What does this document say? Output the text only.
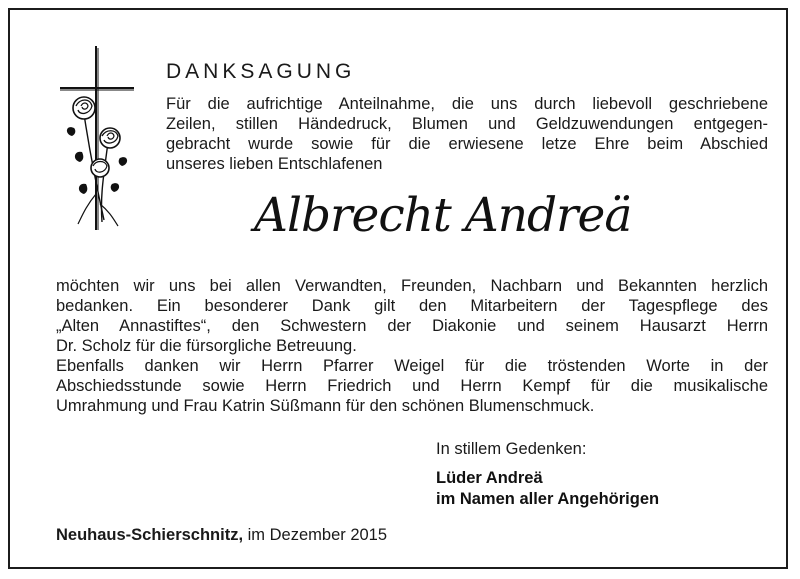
DANKSAGUNG
Für die aufrichtige Anteilnahme, die uns durch liebevoll geschriebene
Zeilen, stillen Händedruck, Blumen und Geldzuwendungen entgegen-
gebracht wurde sowie für die erwiesene letze Ehre beim Abschied
unseres lieben Entschlafenen
Albrecht Andreä
möchten wir uns bei allen Verwandten, Freunden, Nachbarn und Bekannten herzlich
bedanken. Ein besonderer Dank gilt den Mitarbeitern der Tagespflege des
„Alten Annastiftes“, den Schwestern der Diakonie und seinem Hausarzt Herrn
Dr. Scholz für die fürsorgliche Betreuung.
Ebenfalls danken wir Herrn Pfarrer Weigel für die tröstenden Worte in der
Abschiedsstunde sowie Herrn Friedrich und Herrn Kempf für die musikalische
Umrahmung und Frau Katrin Süßmann für den schönen Blumenschmuck.
In stillem Gedenken:
Lüder Andreä
im Namen aller Angehörigen
Neuhaus-Schierschnitz, im Dezember 2015
